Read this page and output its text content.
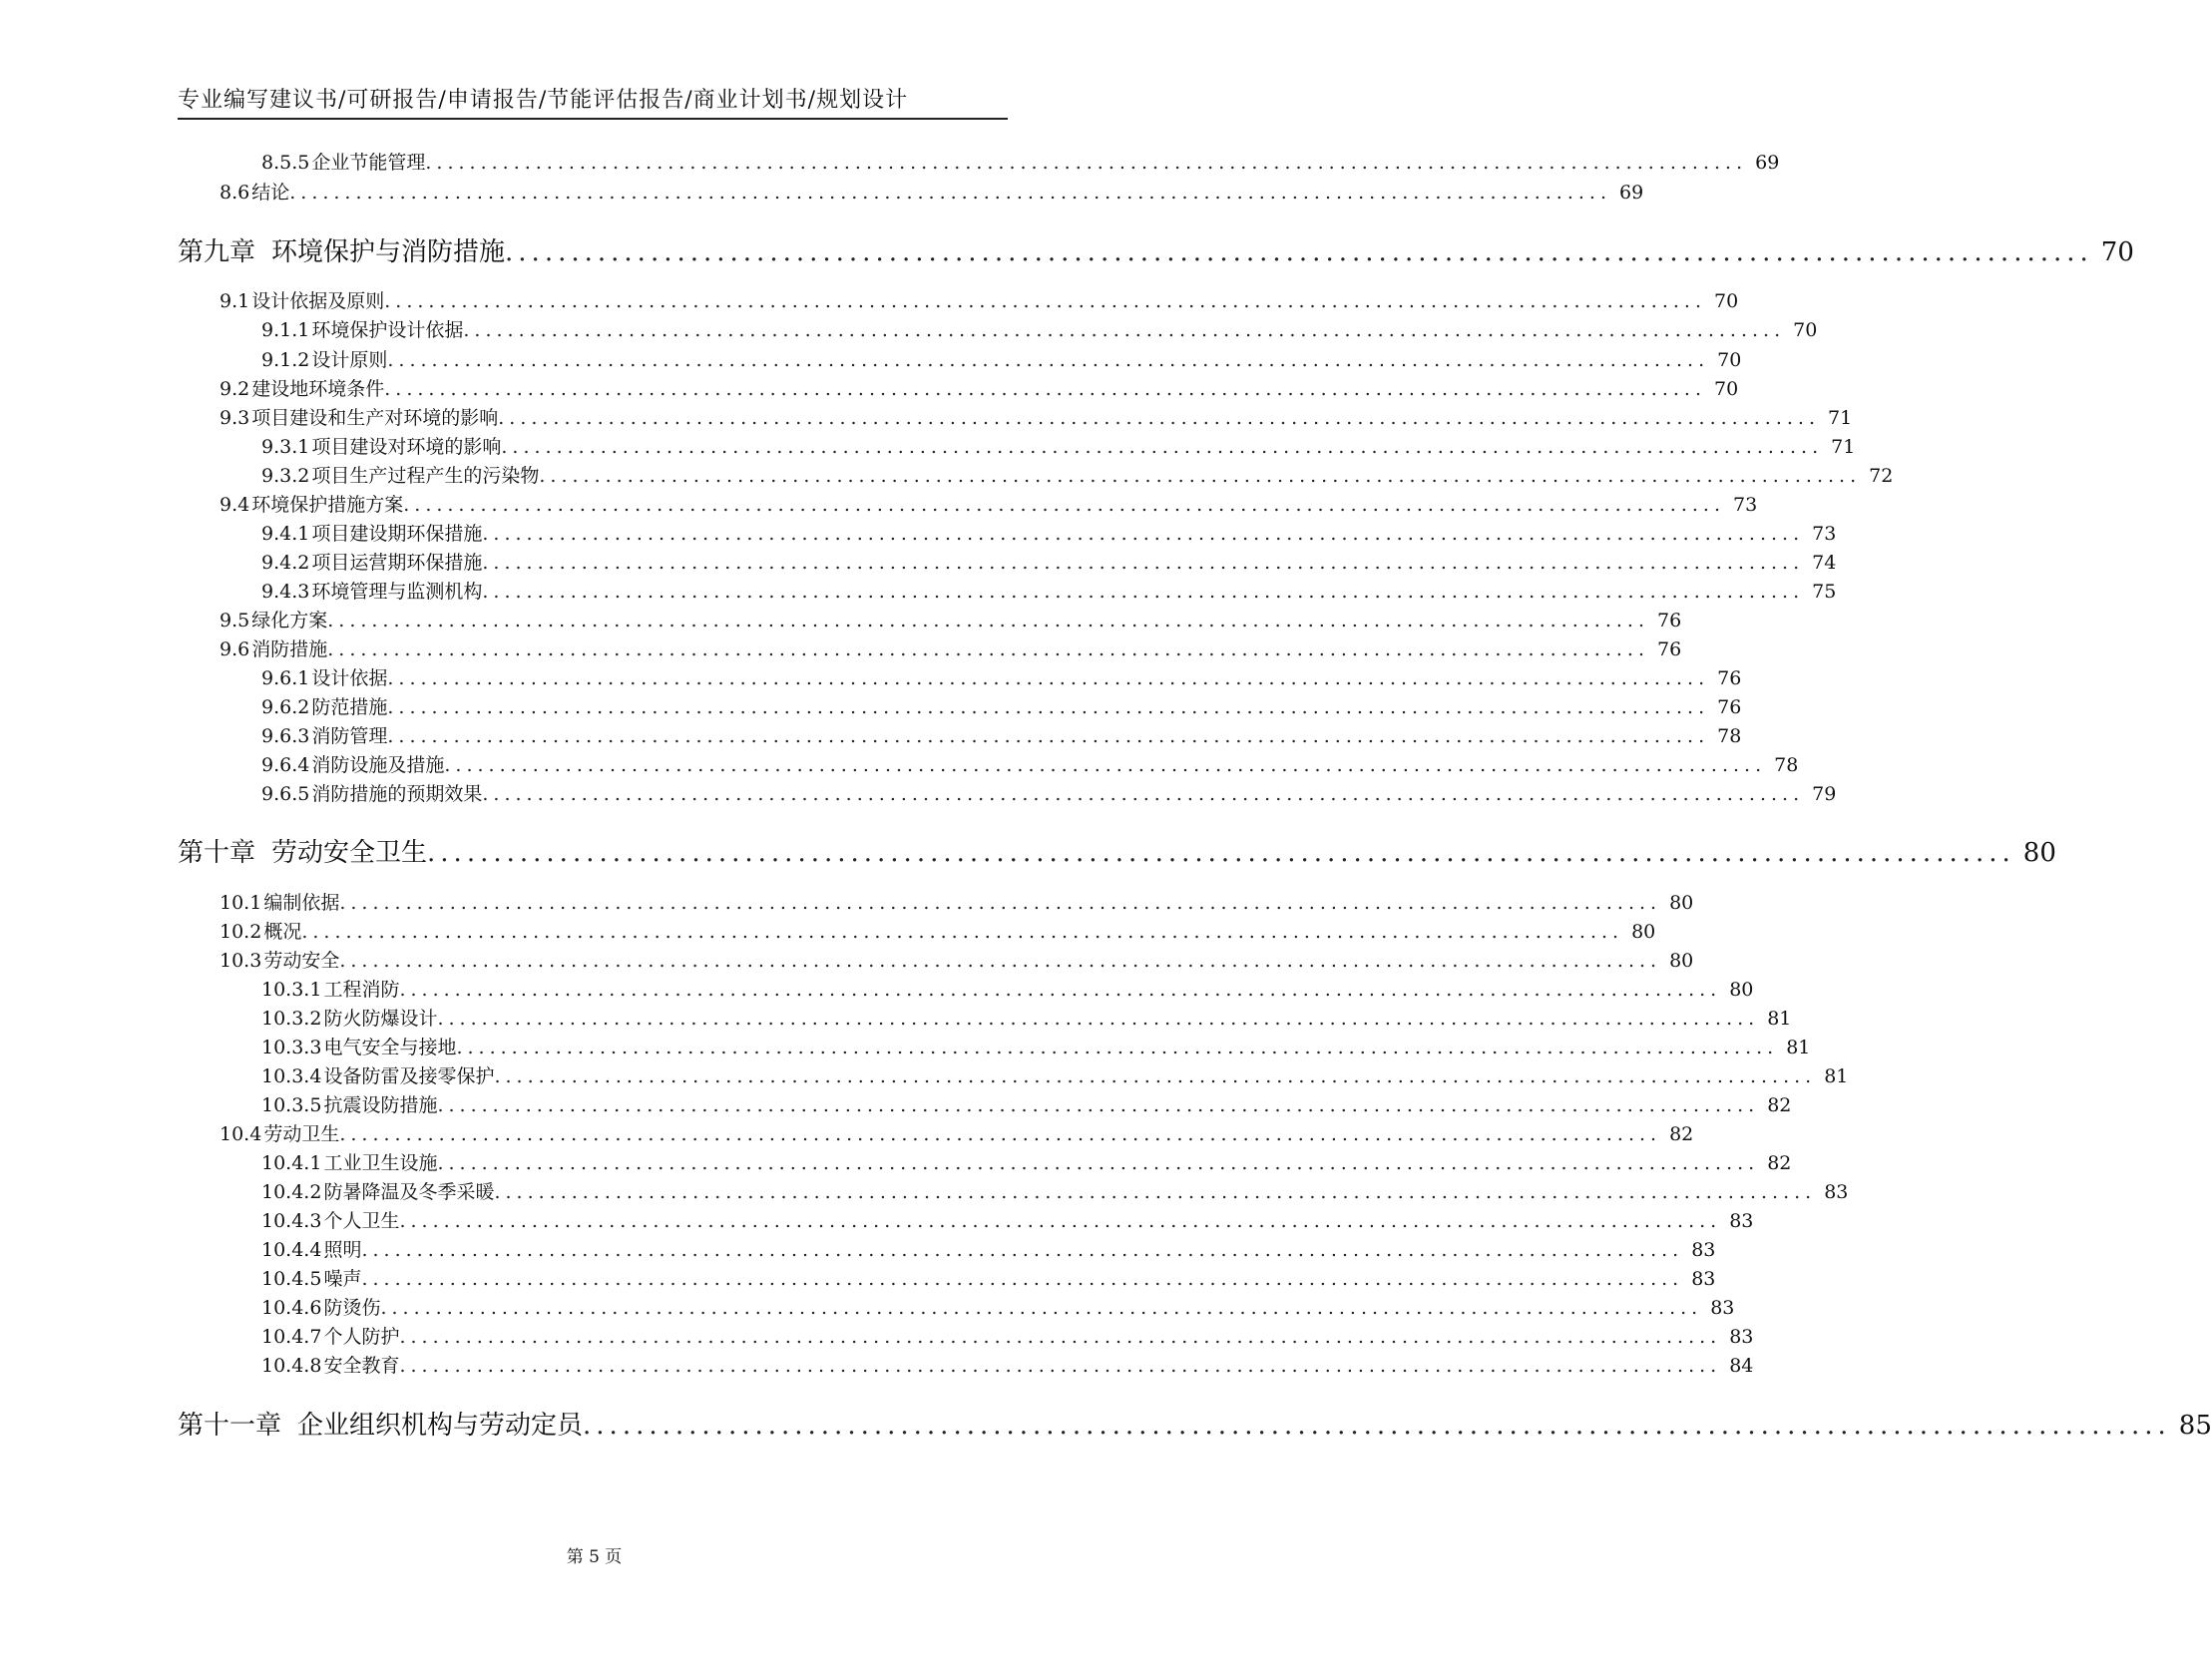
专业编写建议书/可研报告/申请报告/节能评估报告/商业计划书/规划设计
8.5.5 企业节能管理 ........................................................................................................................ 69
8.6 结论 ........................................................................................................................ 69
第九章 环境保护与消防措施 ........................................................................................................................ 70
9.1 设计依据及原则 ........................................................................................................................ 70
9.1.1 环境保护设计依据 ........................................................................................................................ 70
9.1.2 设计原则 ........................................................................................................................ 70
9.2 建设地环境条件 ........................................................................................................................ 70
9.3 项目建设和生产对环境的影响 ........................................................................................................................ 71
9.3.1 项目建设对环境的影响 ........................................................................................................................ 71
9.3.2 项目生产过程产生的污染物 ........................................................................................................................ 72
9.4 环境保护措施方案 ........................................................................................................................ 73
9.4.1 项目建设期环保措施 ........................................................................................................................ 73
9.4.2 项目运营期环保措施 ........................................................................................................................ 74
9.4.3 环境管理与监测机构 ........................................................................................................................ 75
9.5 绿化方案 ........................................................................................................................ 76
9.6 消防措施 ........................................................................................................................ 76
9.6.1 设计依据 ........................................................................................................................ 76
9.6.2 防范措施 ........................................................................................................................ 76
9.6.3 消防管理 ........................................................................................................................ 78
9.6.4 消防设施及措施 ........................................................................................................................ 78
9.6.5 消防措施的预期效果 ........................................................................................................................ 79
第十章 劳动安全卫生 ........................................................................................................................ 80
10.1 编制依据 ........................................................................................................................ 80
10.2 概况 ........................................................................................................................ 80
10.3 劳动安全 ........................................................................................................................ 80
10.3.1 工程消防 ........................................................................................................................ 80
10.3.2 防火防爆设计 ........................................................................................................................ 81
10.3.3 电气安全与接地 ........................................................................................................................ 81
10.3.4 设备防雷及接零保护 ........................................................................................................................ 81
10.3.5 抗震设防措施 ........................................................................................................................ 82
10.4 劳动卫生 ........................................................................................................................ 82
10.4.1 工业卫生设施 ........................................................................................................................ 82
10.4.2 防暑降温及冬季采暖 ........................................................................................................................ 83
10.4.3 个人卫生 ........................................................................................................................ 83
10.4.4 照明 ........................................................................................................................ 83
10.4.5 噪声 ........................................................................................................................ 83
10.4.6 防烫伤 ........................................................................................................................ 83
10.4.7 个人防护 ........................................................................................................................ 83
10.4.8 安全教育 ........................................................................................................................ 84
第十一章 企业组织机构与劳动定员 ........................................................................................................................ 85
第 5 页
